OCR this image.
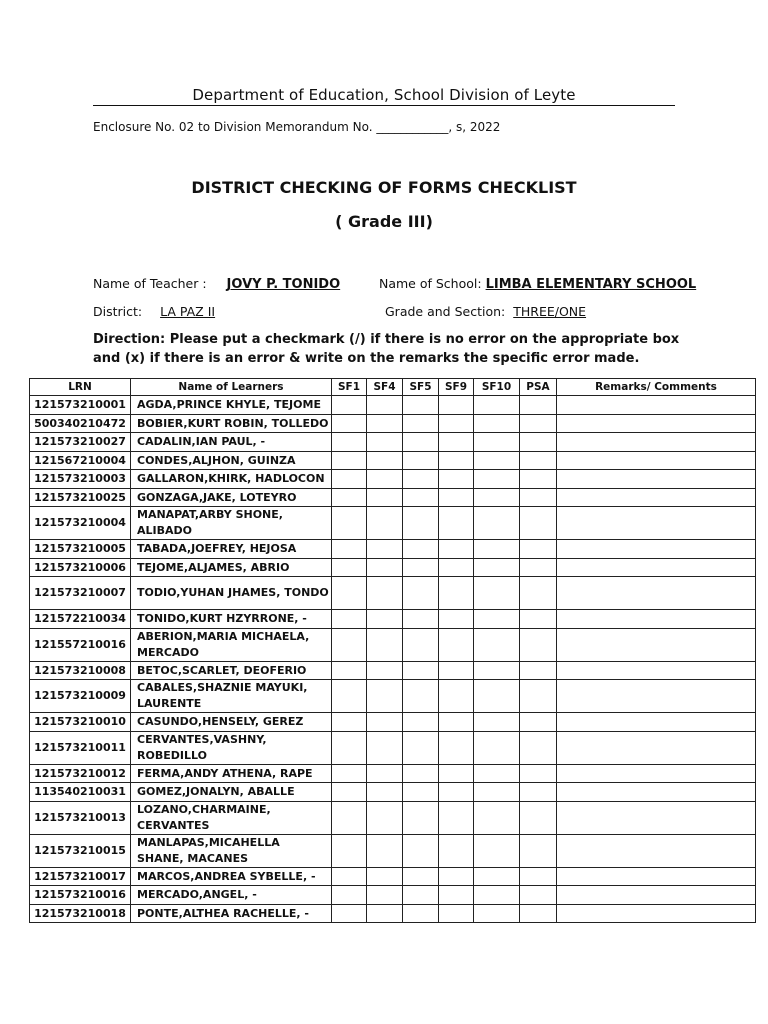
Department of Education, School Division of Leyte
Enclosure No. 02 to Division Memorandum No. ____________, s, 2022
DISTRICT CHECKING OF FORMS CHECKLIST
( Grade III)
Name of Teacher : JOVY P. TONIDO	Name of School: LIMBA ELEMENTARY SCHOOL
District: LA PAZ II	Grade and Section: THREE/ONE
Direction: Please put a checkmark (/) if there is no error on the appropriate box and (x) if there is an error & write on the remarks the specific error made.
LRN	Name of Learners	SF1	SF4	SF5	SF9	SF10	PSA	Remarks/ Comments
121573210001	AGDA,PRINCE KHYLE, TEJOME							
500340210472	BOBIER,KURT ROBIN, TOLLEDO							
121573210027	CADALIN,IAN PAUL, -							
121567210004	CONDES,ALJHON, GUINZA							
121573210003	GALLARON,KHIRK, HADLOCON							
121573210025	GONZAGA,JAKE, LOTEYRO							
121573210004	MANAPAT,ARBY SHONE, ALIBADO							
121573210005	TABADA,JOEFREY, HEJOSA							
121573210006	TEJOME,ALJAMES, ABRIO							
121573210007	TODIO,YUHAN JHAMES, TONDO							
121572210034	TONIDO,KURT HZYRRONE, -							
121557210016	ABERION,MARIA MICHAELA, MERCADO							
121573210008	BETOC,SCARLET, DEOFERIO							
121573210009	CABALES,SHAZNIE MAYUKI, LAURENTE							
121573210010	CASUNDO,HENSELY, GEREZ							
121573210011	CERVANTES,VASHNY, ROBEDILLO							
121573210012	FERMA,ANDY ATHENA, RAPE							
113540210031	GOMEZ,JONALYN, ABALLE							
121573210013	LOZANO,CHARMAINE, CERVANTES							
121573210015	MANLAPAS,MICAHELLA SHANE, MACANES							
121573210017	MARCOS,ANDREA SYBELLE, -							
121573210016	MERCADO,ANGEL, -							
121573210018	PONTE,ALTHEA RACHELLE, -							
